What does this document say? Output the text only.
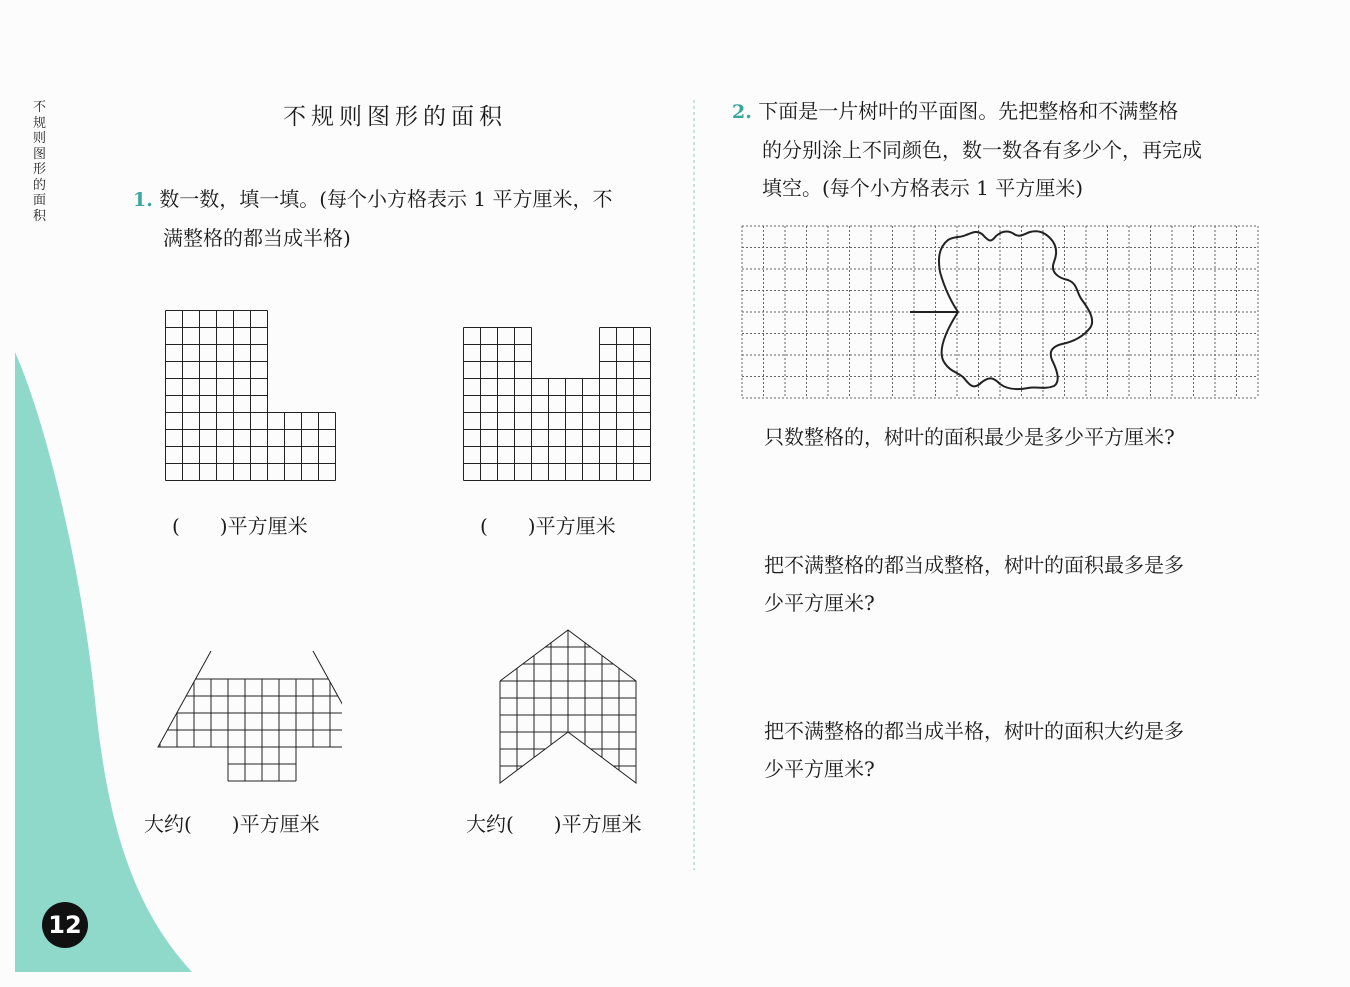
不规则图形的面积
不规则图形的面积
1. 数一数，填一填。(每个小方格表示 1 平方厘米，不
满整格的都当成半格)
(　　)平方厘米	(　　)平方厘米
大约(　　)平方厘米	大约(　　)平方厘米
2. 下面是一片树叶的平面图。先把整格和不满整格
的分别涂上不同颜色，数一数各有多少个，再完成
填空。(每个小方格表示 1 平方厘米)
只数整格的，树叶的面积最少是多少平方厘米?
把不满整格的都当成整格，树叶的面积最多是多
少平方厘米?
把不满整格的都当成半格，树叶的面积大约是多
少平方厘米?
12
